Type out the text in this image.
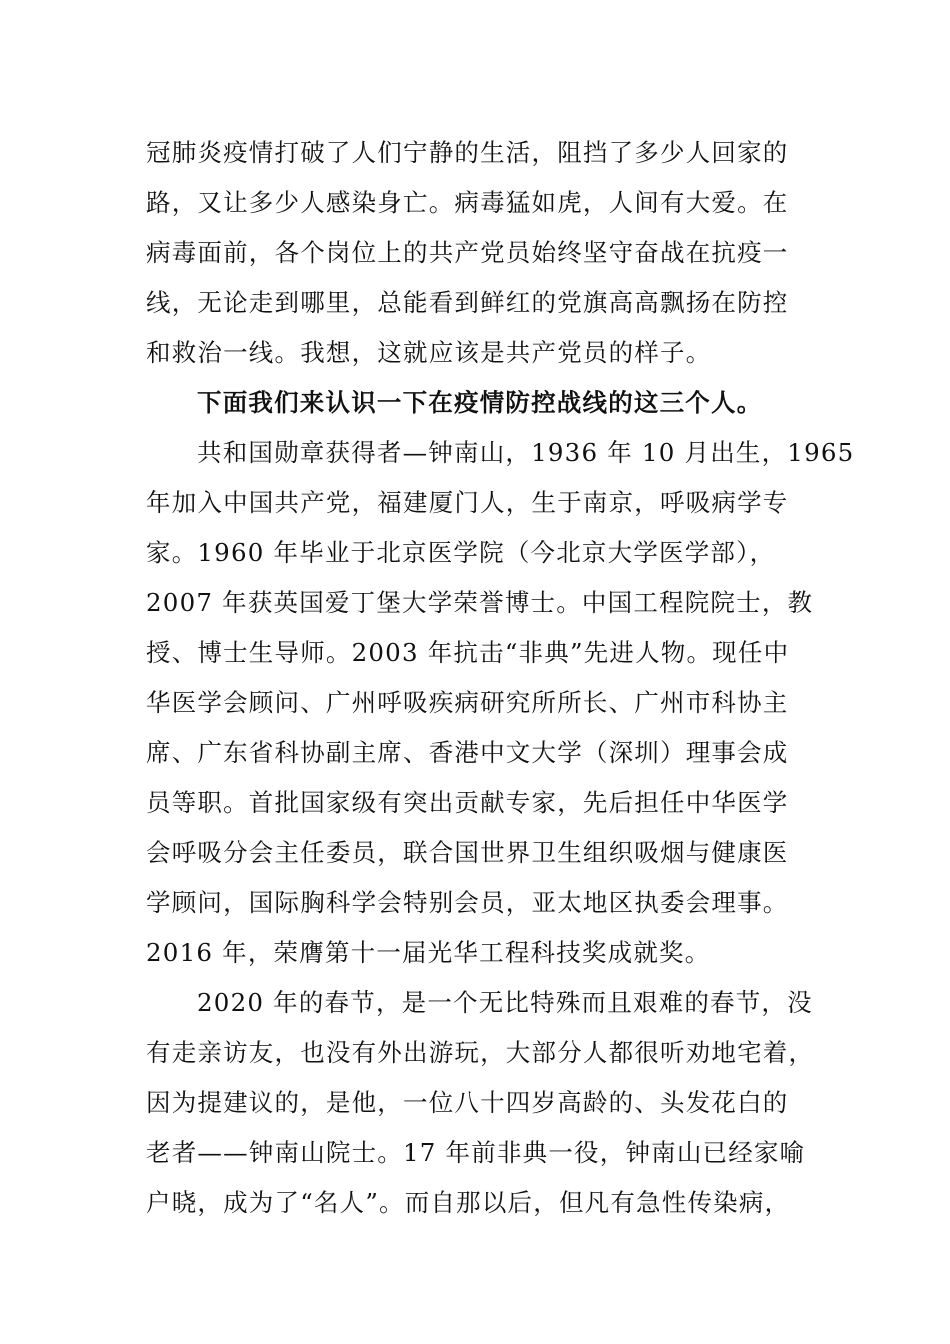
冠肺炎疫情打破了人们宁静的生活，阻挡了多少人回家的
路，又让多少人感染身亡。病毒猛如虎，人间有大爱。在
病毒面前，各个岗位上的共产党员始终坚守奋战在抗疫一
线，无论走到哪里，总能看到鲜红的党旗高高飘扬在防控
和救治一线。我想，这就应该是共产党员的样子。
下面我们来认识一下在疫情防控战线的这三个人。
共和国勋章获得者—钟南山，1936 年 10 月出生，1965
年加入中国共产党，福建厦门人，生于南京，呼吸病学专
家。1960 年毕业于北京医学院（今北京大学医学部），
2007 年获英国爱丁堡大学荣誉博士。中国工程院院士，教
授、博士生导师。2003 年抗击“非典”先进人物。现任中
华医学会顾问、广州呼吸疾病研究所所长、广州市科协主
席、广东省科协副主席、香港中文大学（深圳）理事会成
员等职。首批国家级有突出贡献专家，先后担任中华医学
会呼吸分会主任委员，联合国世界卫生组织吸烟与健康医
学顾问，国际胸科学会特别会员，亚太地区执委会理事。
2016 年，荣膺第十一届光华工程科技奖成就奖。
2020 年的春节，是一个无比特殊而且艰难的春节，没
有走亲访友，也没有外出游玩，大部分人都很听劝地宅着，
因为提建议的，是他，一位八十四岁高龄的、头发花白的
老者——钟南山院士。17 年前非典一役，钟南山已经家喻
户晓，成为了“名人”。而自那以后，但凡有急性传染病，
